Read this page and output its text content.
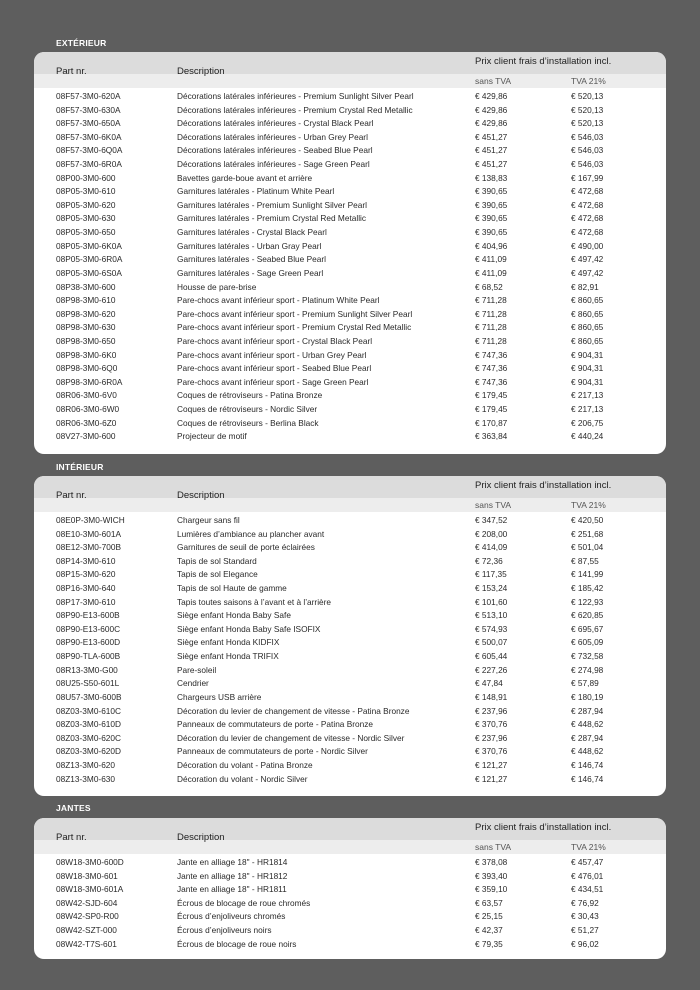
EXTÉRIEUR
Part nr.	Description
Prix client frais d’installation incl.
sans TVA	TVA 21%
08F57-3M0-620A	Décorations latérales inférieures - Premium Sunlight Silver Pearl	€ 429,86	€ 520,13
08F57-3M0-630A	Décorations latérales inférieures - Premium Crystal Red Metallic	€ 429,86	€ 520,13
08F57-3M0-650A	Décorations latérales inférieures - Crystal Black Pearl	€ 429,86	€ 520,13
08F57-3M0-6K0A	Décorations latérales inférieures - Urban Grey Pearl	€ 451,27	€ 546,03
08F57-3M0-6Q0A	Décorations latérales inférieures - Seabed Blue Pearl	€ 451,27	€ 546,03
08F57-3M0-6R0A	Décorations latérales inférieures - Sage Green Pearl	€ 451,27	€ 546,03
08P00-3M0-600	Bavettes garde-boue avant et arrière	€ 138,83	€ 167,99
08P05-3M0-610	Garnitures latérales - Platinum White Pearl	€ 390,65	€ 472,68
08P05-3M0-620	Garnitures latérales - Premium Sunlight Silver Pearl	€ 390,65	€ 472,68
08P05-3M0-630	Garnitures latérales - Premium Crystal Red Metallic	€ 390,65	€ 472,68
08P05-3M0-650	Garnitures latérales - Crystal Black Pearl	€ 390,65	€ 472,68
08P05-3M0-6K0A	Garnitures latérales - Urban Gray Pearl	€ 404,96	€ 490,00
08P05-3M0-6R0A	Garnitures latérales - Seabed Blue Pearl	€ 411,09	€ 497,42
08P05-3M0-6S0A	Garnitures latérales - Sage Green Pearl	€ 411,09	€ 497,42
08P38-3M0-600	Housse de pare-brise	€ 68,52	€ 82,91
08P98-3M0-610	Pare-chocs avant inférieur sport - Platinum White Pearl	€ 711,28	€ 860,65
08P98-3M0-620	Pare-chocs avant inférieur sport - Premium Sunlight Silver Pearl	€ 711,28	€ 860,65
08P98-3M0-630	Pare-chocs avant inférieur sport - Premium Crystal Red Metallic	€ 711,28	€ 860,65
08P98-3M0-650	Pare-chocs avant inférieur sport - Crystal Black Pearl	€ 711,28	€ 860,65
08P98-3M0-6K0	Pare-chocs avant inférieur sport - Urban Grey Pearl	€ 747,36	€ 904,31
08P98-3M0-6Q0	Pare-chocs avant inférieur sport - Seabed Blue Pearl	€ 747,36	€ 904,31
08P98-3M0-6R0A	Pare-chocs avant inférieur sport - Sage Green Pearl	€ 747,36	€ 904,31
08R06-3M0-6V0	Coques de rétroviseurs - Patina Bronze	€ 179,45	€ 217,13
08R06-3M0-6W0	Coques de rétroviseurs - Nordic Silver	€ 179,45	€ 217,13
08R06-3M0-6Z0	Coques de rétroviseurs - Berlina Black	€ 170,87	€ 206,75
08V27-3M0-600	Projecteur de motif	€ 363,84	€ 440,24
INTÉRIEUR
Part nr.	Description
Prix client frais d’installation incl.
sans TVA	TVA 21%
08E0P-3M0-WICH	Chargeur sans fil	€ 347,52	€ 420,50
08E10-3M0-601A	Lumières d’ambiance au plancher avant	€ 208,00	€ 251,68
08E12-3M0-700B	Garnitures de seuil de porte éclairées	€ 414,09	€ 501,04
08P14-3M0-610	Tapis de sol Standard	€ 72,36	€ 87,55
08P15-3M0-620	Tapis de sol Elegance	€ 117,35	€ 141,99
08P16-3M0-640	Tapis de sol Haute de gamme	€ 153,24	€ 185,42
08P17-3M0-610	Tapis toutes saisons à l’avant et à l’arrière	€ 101,60	€ 122,93
08P90-E13-600B	Siège enfant Honda Baby Safe	€ 513,10	€ 620,85
08P90-E13-600C	Siège enfant Honda Baby Safe ISOFIX	€ 574,93	€ 695,67
08P90-E13-600D	Siège enfant Honda KIDFIX	€ 500,07	€ 605,09
08P90-TLA-600B	Siège enfant Honda TRIFIX	€ 605,44	€ 732,58
08R13-3M0-G00	Pare-soleil	€ 227,26	€ 274,98
08U25-S50-601L	Cendrier	€ 47,84	€ 57,89
08U57-3M0-600B	Chargeurs USB arrière	€ 148,91	€ 180,19
08Z03-3M0-610C	Décoration du levier de changement de vitesse - Patina Bronze	€ 237,96	€ 287,94
08Z03-3M0-610D	Panneaux de commutateurs de porte - Patina Bronze	€ 370,76	€ 448,62
08Z03-3M0-620C	Décoration du levier de changement de vitesse - Nordic Silver	€ 237,96	€ 287,94
08Z03-3M0-620D	Panneaux de commutateurs de porte - Nordic Silver	€ 370,76	€ 448,62
08Z13-3M0-620	Décoration du volant - Patina Bronze	€ 121,27	€ 146,74
08Z13-3M0-630	Décoration du volant - Nordic Silver	€ 121,27	€ 146,74
JANTES
Part nr.	Description
Prix client frais d’installation incl.
sans TVA	TVA 21%
08W18-3M0-600D	Jante en alliage 18" - HR1814	€ 378,08	€ 457,47
08W18-3M0-601	Jante en alliage 18" - HR1812	€ 393,40	€ 476,01
08W18-3M0-601A	Jante en alliage 18" - HR1811	€ 359,10	€ 434,51
08W42-SJD-604	Écrous de blocage de roue chromés	€ 63,57	€ 76,92
08W42-SP0-R00	Écrous d’enjoliveurs chromés	€ 25,15	€ 30,43
08W42-SZT-000	Écrous d’enjoliveurs noirs	€ 42,37	€ 51,27
08W42-T7S-601	Écrous de blocage de roue noirs	€ 79,35	€ 96,02
